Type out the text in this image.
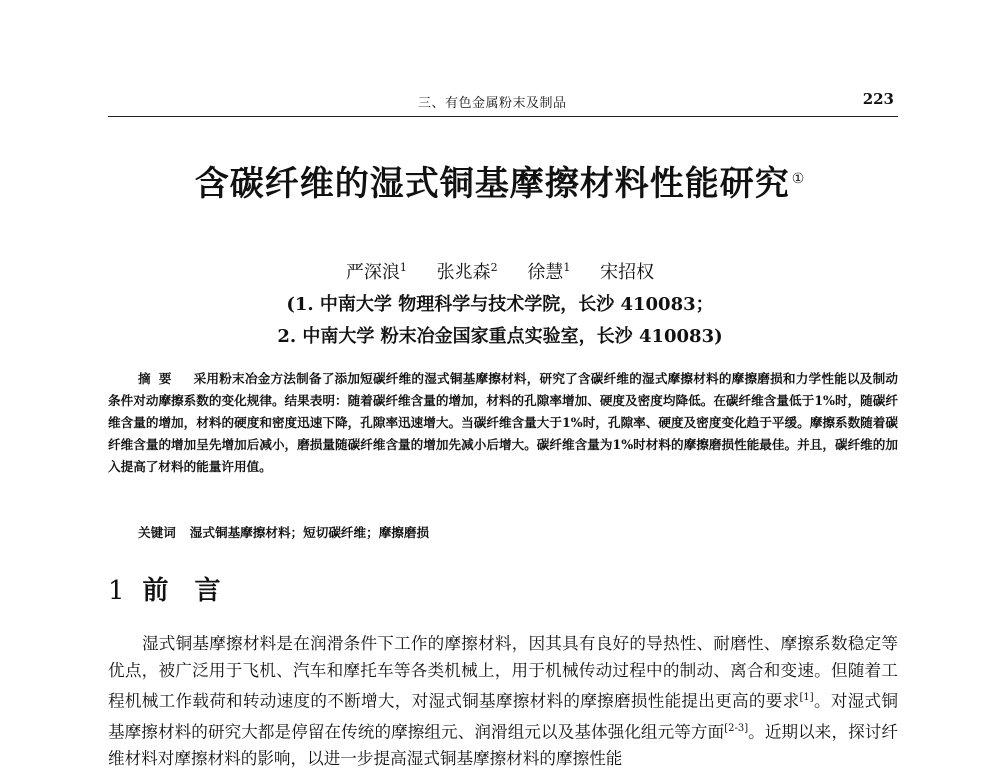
三、有色金属粉末及制品	223
含碳纤维的湿式铜基摩擦材料性能研究 ①
严深浪$^1$ 张兆森$^2$ 徐慧$^1$ 宋招权
(1. 中南大学 物理科学与技术学院，长沙 410083；
2. 中南大学 粉末冶金国家重点实验室，长沙 410083)
摘要 采用粉末冶金方法制备了添加短碳纤维的湿式铜基摩擦材料，研究了含碳纤维的湿式摩擦材料的摩擦磨损和力学性能以及制动条件对动摩擦系数的变化规律。结果表明：随着碳纤维含量的增加，材料的孔隙率增加、硬度及密度均降低。在碳纤维含量低于1%时，随碳纤维含量的增加，材料的硬度和密度迅速下降，孔隙率迅速增大。当碳纤维含量大于1%时，孔隙率、硬度及密度变化趋于平缓。摩擦系数随着碳纤维含量的增加呈先增加后减小，磨损量随碳纤维含量的增加先减小后增大。碳纤维含量为1%时材料的摩擦磨损性能最佳。并且，碳纤维的加入提高了材料的能量许用值。
关键词 湿式铜基摩擦材料；短切碳纤维；摩擦磨损
1 前言
湿式铜基摩擦材料是在润滑条件下工作的摩擦材料，因其具有良好的导热性、耐磨性、摩擦系数稳定等优点，被广泛用于飞机、汽车和摩托车等各类机械上，用于机械传动过程中的制动、离合和变速。但随着工程机械工作载荷和转动速度的不断增大，对湿式铜基摩擦材料的摩擦磨损性能提出更高的要求[1]。对湿式铜基摩擦材料的研究大都是停留在传统的摩擦组元、润滑组元以及基体强化组元等方面[2-3]。近期以来，探讨纤维材料对摩擦材料的影响，以进一步提高湿式铜基摩擦材料的摩擦性能
